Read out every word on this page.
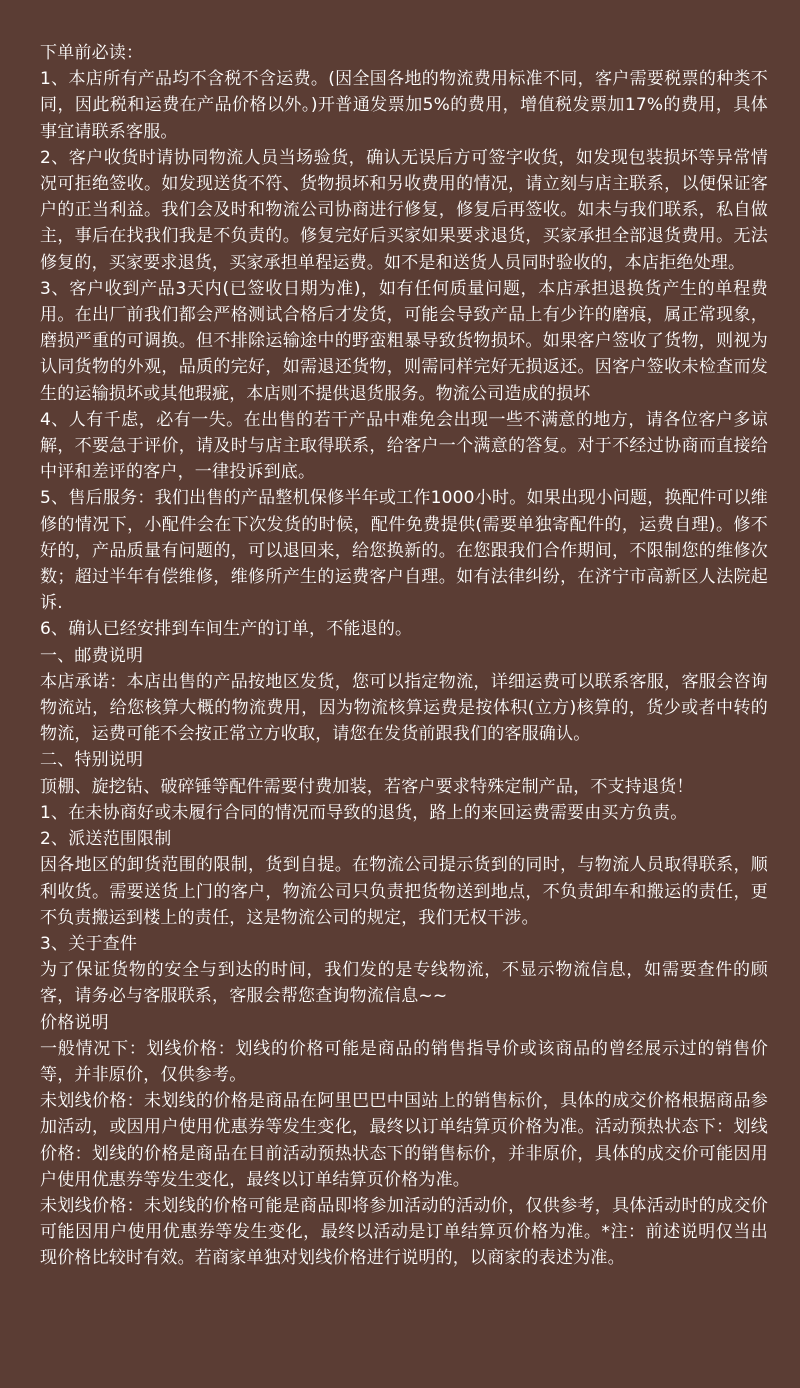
下单前必读：

1、本店所有产品均不含税不含运费。(因全国各地的物流费用标准不同，客户需要税票的种类不同，因此税和运费在产品价格以外。)开普通发票加5%的费用，增值税发票加17%的费用，具体事宜请联系客服。

2、客户收货时请协同物流人员当场验货，确认无误后方可签字收货，如发现包装损坏等异常情况可拒绝签收。如发现送货不符、货物损坏和另收费用的情况，请立刻与店主联系，以便保证客户的正当利益。我们会及时和物流公司协商进行修复，修复后再签收。如未与我们联系，私自做主，事后在找我们我是不负责的。修复完好后买家如果要求退货，买家承担全部退货费用。无法修复的，买家要求退货，买家承担单程运费。如不是和送货人员同时验收的，本店拒绝处理。

3、客户收到产品3天内(已签收日期为准)，如有任何质量问题，本店承担退换货产生的单程费用。在出厂前我们都会严格测试合格后才发货，可能会导致产品上有少许的磨痕，属正常现象，磨损严重的可调换。但不排除运输途中的野蛮粗暴导致货物损坏。如果客户签收了货物，则视为认同货物的外观，品质的完好，如需退还货物，则需同样完好无损返还。因客户签收未检查而发生的运输损坏或其他瑕疵，本店则不提供退货服务。物流公司造成的损坏

4、人有千虑，必有一失。在出售的若干产品中难免会出现一些不满意的地方，请各位客户多谅解，不要急于评价，请及时与店主取得联系，给客户一个满意的答复。对于不经过协商而直接给中评和差评的客户，一律投诉到底。

5、售后服务：我们出售的产品整机保修半年或工作1000小时。如果出现小问题，换配件可以维修的情况下，小配件会在下次发货的时候，配件免费提供(需要单独寄配件的，运费自理)。修不好的，产品质量有问题的，可以退回来，给您换新的。在您跟我们合作期间，不限制您的维修次数；超过半年有偿维修，维修所产生的运费客户自理。如有法律纠纷，在济宁市高新区人法院起诉.

6、确认已经安排到车间生产的订单，不能退的。

一、邮费说明

本店承诺：本店出售的产品按地区发货，您可以指定物流，详细运费可以联系客服，客服会咨询物流站，给您核算大概的物流费用，因为物流核算运费是按体积(立方)核算的，货少或者中转的物流，运费可能不会按正常立方收取，请您在发货前跟我们的客服确认。

二、特别说明

顶棚、旋挖钻、破碎锤等配件需要付费加装，若客户要求特殊定制产品，不支持退货！

1、在未协商好或未履行合同的情况而导致的退货，路上的来回运费需要由买方负责。

2、派送范围限制

因各地区的卸货范围的限制，货到自提。在物流公司提示货到的同时，与物流人员取得联系，顺利收货。需要送货上门的客户，物流公司只负责把货物送到地点，不负责卸车和搬运的责任，更不负责搬运到楼上的责任，这是物流公司的规定，我们无权干涉。

3、关于查件

为了保证货物的安全与到达的时间，我们发的是专线物流，不显示物流信息，如需要查件的顾客，请务必与客服联系，客服会帮您查询物流信息~~

价格说明

一般情况下：划线价格：划线的价格可能是商品的销售指导价或该商品的曾经展示过的销售价等，并非原价，仅供参考。

未划线价格：未划线的价格是商品在阿里巴巴中国站上的销售标价，具体的成交价格根据商品参加活动，或因用户使用优惠券等发生变化，最终以订单结算页价格为准。活动预热状态下：划线价格：划线的价格是商品在目前活动预热状态下的销售标价，并非原价，具体的成交价可能因用户使用优惠券等发生变化，最终以订单结算页价格为准。

未划线价格：未划线的价格可能是商品即将参加活动的活动价，仅供参考，具体活动时的成交价可能因用户使用优惠券等发生变化，最终以活动是订单结算页价格为准。*注：前述说明仅当出现价格比较时有效。若商家单独对划线价格进行说明的，以商家的表述为准。
